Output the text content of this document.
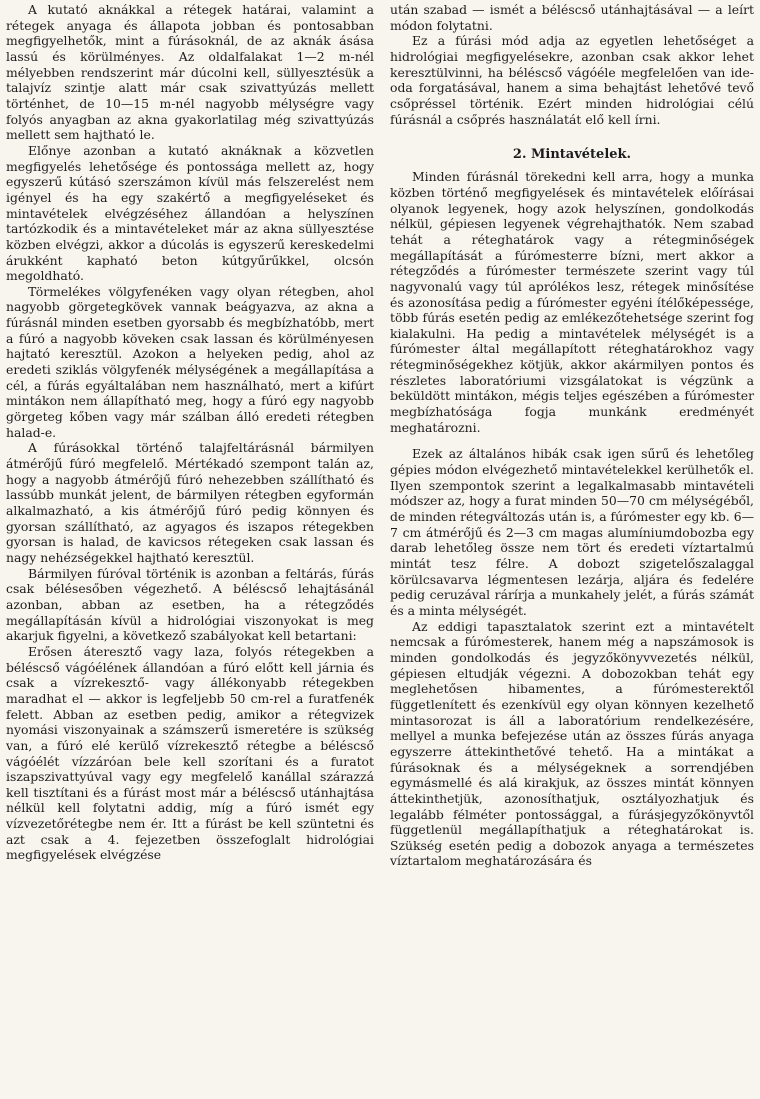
A kutató aknákkal a rétegek határai, valamint a rétegek anyaga és állapota jobban és pontosabban megfigyelhetők, mint a fúrásoknál, de az aknák ásása lassú és körülményes. Az oldalfalakat 1—2 m-nél mélyebben rendszerint már dúcolni kell, süllyesztésük a talajvíz szintje alatt már csak szivattyúzás mellett történhet, de 10—15 m-nél nagyobb mélységre vagy folyós anyagban az akna gyakorlatilag még szivattyúzás mellett sem hajtható le.

Előnye azonban a kutató aknáknak a közvetlen megfigyelés lehetősége és pontossága mellett az, hogy egyszerű kútásó szerszámon kívül más felszerelést nem igényel és ha egy szakértő a megfigyeléseket és mintavételek elvégzéséhez állandóan a helyszínen tartózkodik és a mintavételeket már az akna süllyesztése közben elvégzi, akkor a dúcolás is egyszerű kereskedelmi árukként kapható beton kútgyűrűkkel, olcsón megoldható.

Törmelékes völgyfenéken vagy olyan rétegben, ahol nagyobb görgetegkövek vannak beágyazva, az akna a fúrásnál minden esetben gyorsabb és megbízhatóbb, mert a fúró a nagyobb köveken csak lassan és körülményesen hajtató keresztül. Azokon a helyeken pedig, ahol az eredeti sziklás völgyfenék mélységének a megállapítása a cél, a fúrás egyáltalában nem használható, mert a kifúrt mintákon nem állapítható meg, hogy a fúró egy nagyobb görgeteg kőben vagy már szálban álló eredeti rétegben halad-e.

A fúrásokkal történő talajfeltárásnál bármilyen átmérőjű fúró megfelelő. Mértékadó szempont talán az, hogy a nagyobb átmérőjű fúró nehezebben szállítható és lassúbb munkát jelent, de bármilyen rétegben egyformán alkalmazható, a kis átmérőjű fúró pedig könnyen és gyorsan szállítható, az agyagos és iszapos rétegekben gyorsan is halad, de kavicsos rétegeken csak lassan és nagy nehézségekkel hajtható keresztül.

Bármilyen fúróval történik is azonban a feltárás, fúrás csak bélésesőben végezhető. A béléscső lehajtásánál azonban, abban az esetben, ha a rétegződés megállapításán kívül a hidrológiai viszonyokat is meg akarjuk figyelni, a következő szabályokat kell betartani:

Erősen áteresztő vagy laza, folyós rétegekben a béléscső vágóélének állandóan a fúró előtt kell járnia és csak a vízrekesztő- vagy állékonyabb rétegekben maradhat el — akkor is legfeljebb 50 cm-rel a furatfenék felett. Abban az esetben pedig, amikor a rétegvizek nyomási viszonyainak a számszerű ismeretére is szükség van, a fúró elé kerülő vízrekesztő rétegbe a béléscső vágóélét vízzáróan bele kell szorítani és a furatot iszapszivattyúval vagy egy megfelelő kanállal szárazzá kell tisztítani és a fúrást most már a béléscső utánhajtása nélkül kell folytatni addig, míg a fúró ismét egy vízvezetőrétegbe nem ér. Itt a fúrást be kell szüntetni és azt csak a 4. fejezetben összefoglalt hidrológiai megfigyelések elvégzése

után szabad — ismét a béléscső utánhajtásával — a leírt módon folytatni.

Ez a fúrási mód adja az egyetlen lehetőséget a hidrológiai megfigyelésekre, azonban csak akkor lehet keresztülvinni, ha béléscső vágóéle megfelelően van ide-oda forgatásával, hanem a sima behajtást lehetővé tevő csőpréssel történik. Ezért minden hidrológiai célú fúrásnál a csőprés használatát elő kell írni.

2. Mintavételek.

Minden fúrásnál törekedni kell arra, hogy a munka közben történő megfigyelések és mintavételek előírásai olyanok legyenek, hogy azok helyszínen, gondolkodás nélkül, gépiesen legyenek végrehajthatók. Nem szabad tehát a réteghatárok vagy a rétegminőségek megállapítását a fúrómesterre bízni, mert akkor a rétegződés a fúrómester természete szerint vagy túl nagyvonalú vagy túl aprólékos lesz, rétegek minősítése és azonosítása pedig a fúrómester egyéni ítélőképessége, több fúrás esetén pedig az emlékezőtehetsége szerint fog kialakulni. Ha pedig a mintavételek mélységét is a fúrómester által megállapított réteghatárokhoz vagy rétegminőségekhez kötjük, akkor akármilyen pontos és részletes laboratóriumi vizsgálatokat is végzünk a beküldött mintákon, mégis teljes egészében a fúrómester megbízhatósága fogja munkánk eredményét meghatározni.

Ezek az általános hibák csak igen sűrű és lehetőleg gépies módon elvégezhető mintavételekkel kerülhetők el. Ilyen szempontok szerint a legalkalmasabb mintavételi módszer az, hogy a furat minden 50—70 cm mélységéből, de minden rétegváltozás után is, a fúrómester egy kb. 6—7 cm átmérőjű és 2—3 cm magas alumíniumdobozba egy darab lehetőleg össze nem tört és eredeti víztartalmú mintát tesz félre. A dobozt szigetelőszalaggal körülcsavarva légmentesen lezárja, aljára és fedelére pedig ceruzával rárírja a munkahely jelét, a fúrás számát és a minta mélységét.

Az eddigi tapasztalatok szerint ezt a mintavételt nemcsak a fúrómesterek, hanem még a napszámosok is minden gondolkodás és jegyzőkönyvvezetés nélkül, gépiesen eltudják végezni. A dobozokban tehát egy meglehetősen hibamentes, a fúrómesterektől függetlenített és ezenkívül egy olyan könnyen kezelhető mintasorozat is áll a laboratórium rendelkezésére, mellyel a munka befejezése után az összes fúrás anyaga egyszerre áttekinthetővé tehető. Ha a mintákat a fúrásoknak és a mélységeknek a sorrendjében egymásmellé és alá kirakjuk, az összes mintát könnyen áttekinthetjük, azonosíthatjuk, osztályozhatjuk és legalább félméter pontossággal, a fúrásjegyzőkönyvtől függetlenül megállapíthatjuk a réteghatárokat is. Szükség esetén pedig a dobozok anyaga a természetes víztartalom meghatározására és
